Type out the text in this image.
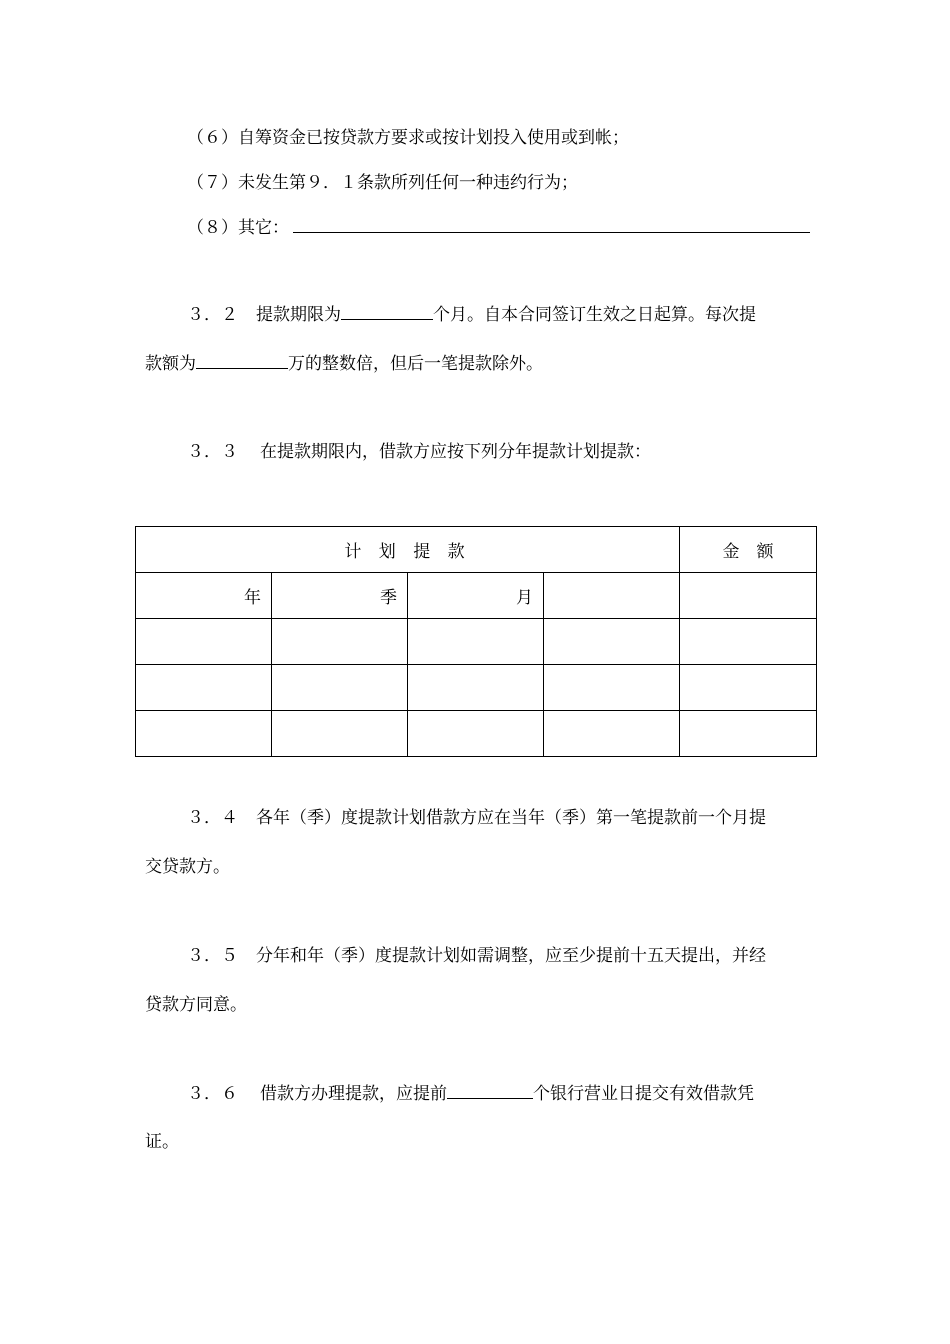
（６）自筹资金已按贷款方要求或按计划投入使用或到帐；
（７）未发生第９．１条款所列任何一种违约行为；
（８）其它：
３．２ 提款期限为	个月。自本合同签订生效之日起算。每次提
款额为	万的整数倍，但后一笔提款除外。
３．３ 在提款期限内，借款方应按下列分年提款计划提款：
计 划 提 款				金　额
年	季	月		

３．４ 各年（季）度提款计划借款方应在当年（季）第一笔提款前一个月提
交贷款方。
３．５ 分年和年（季）度提款计划如需调整，应至少提前十五天提出，并经
贷款方同意。
３．６ 借款方办理提款，应提前	个银行营业日提交有效借款凭
证。
